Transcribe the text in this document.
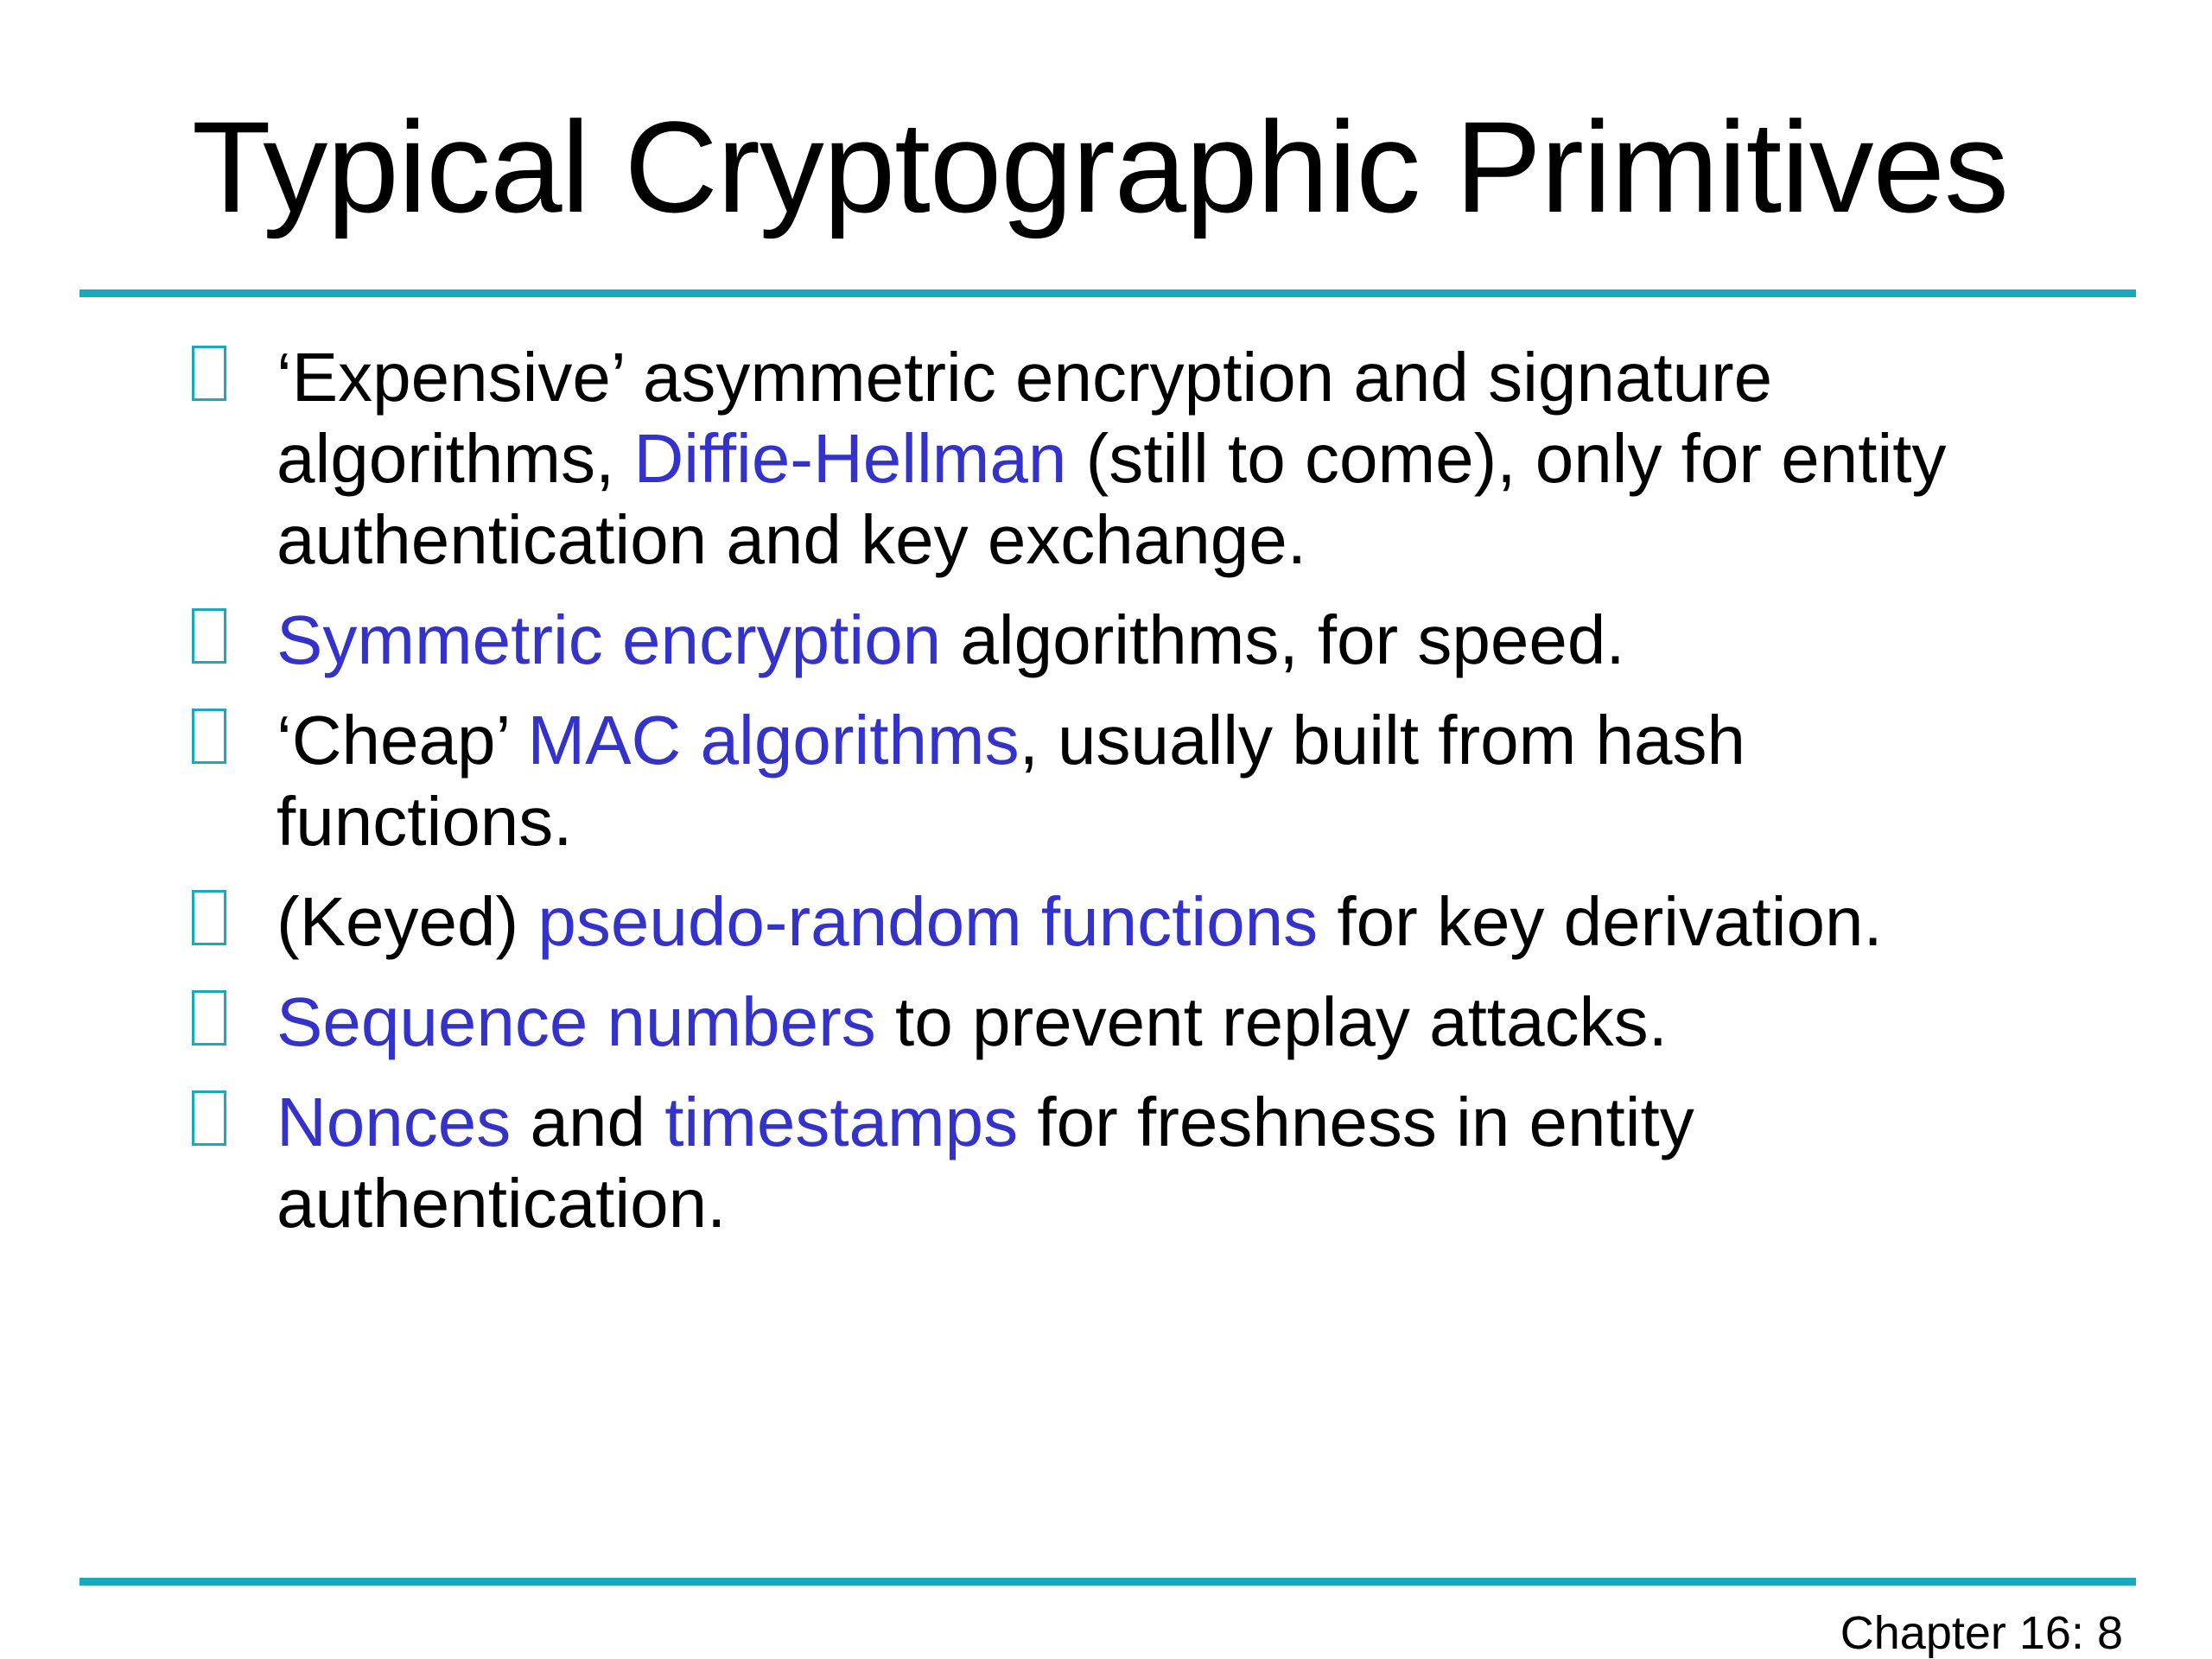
Typical Cryptographic Primitives
‘Expensive’ asymmetric encryption and signature algorithms, Diffie-Hellman (still to come), only for entity authentication and key exchange.
Symmetric encryption algorithms, for speed.
‘Cheap’ MAC algorithms, usually built from hash functions.
(Keyed) pseudo-random functions for key derivation.
Sequence numbers to prevent replay attacks.
Nonces and timestamps for freshness in entity authentication.
Chapter 16: 8
